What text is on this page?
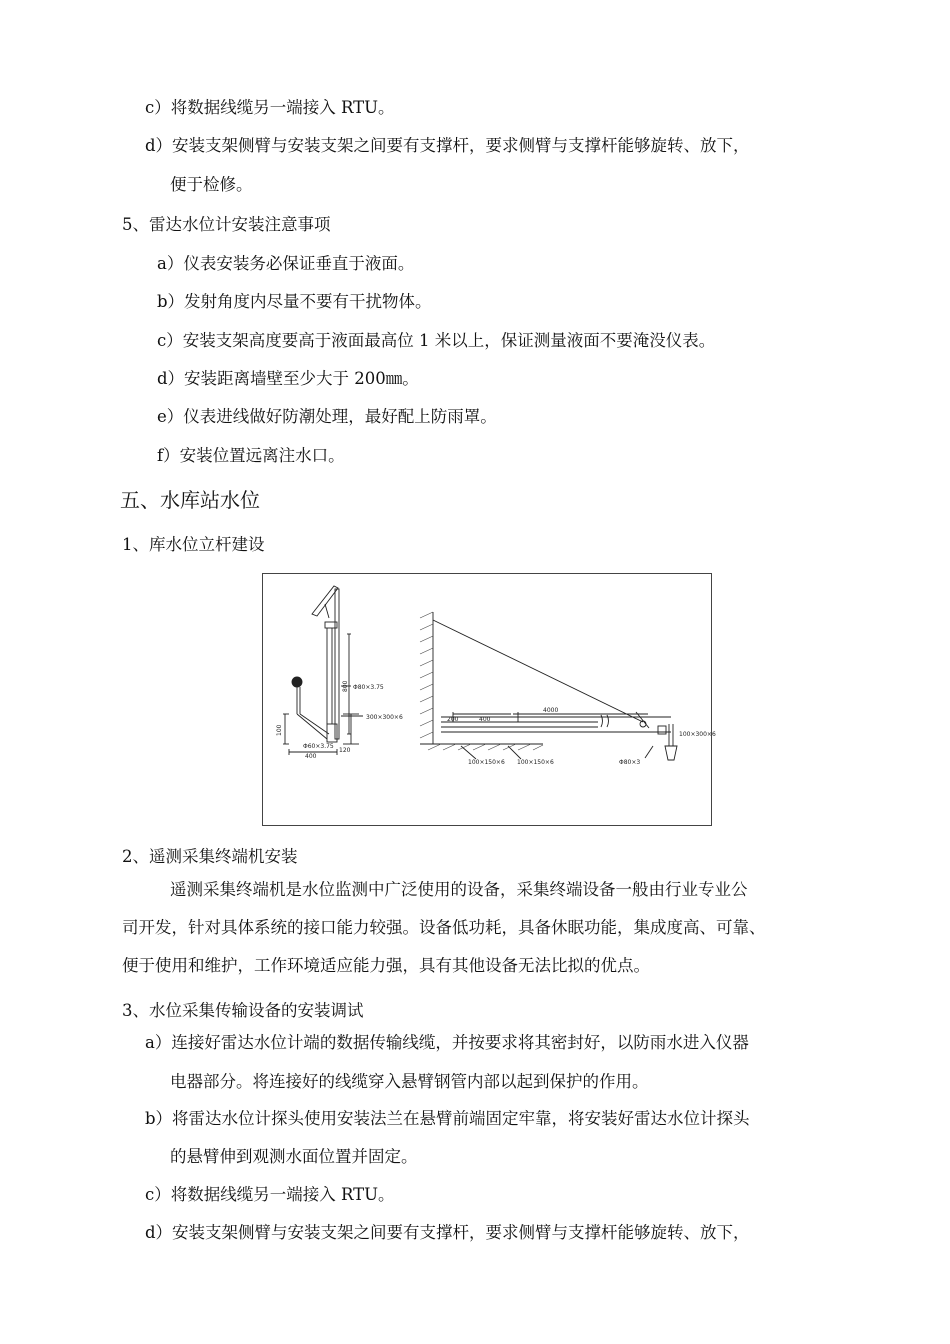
c）将数据线缆另一端接入 RTU。
d）安装支架侧臂与安装支架之间要有支撑杆，要求侧臂与支撑杆能够旋转、放下，
便于检修。
5、雷达水位计安装注意事项
a）仪表安装务必保证垂直于液面。
b）发射角度内尽量不要有干扰物体。
c）安装支架高度要高于液面最高位 1 米以上，保证测量液面不要淹没仪表。
d）安装距离墙壁至少大于 200㎜。
e）仪表进线做好防潮处理，最好配上防雨罩。
f）安装位置远离注水口。
五、水库站水位
1、库水位立杆建设
800 Φ80×3.75
300×300×6
100
Φ60×3.75
400
120
4000
200	400
100×150×6 100×150×6
100×300×6
Φ80×3
2、遥测采集终端机安装
遥测采集终端机是水位监测中广泛使用的设备，采集终端设备一般由行业专业公
司开发，针对具体系统的接口能力较强。设备低功耗，具备休眠功能，集成度高、可靠、
便于使用和维护，工作环境适应能力强，具有其他设备无法比拟的优点。
3、水位采集传输设备的安装调试
a）连接好雷达水位计端的数据传输线缆，并按要求将其密封好，以防雨水进入仪器
电器部分。将连接好的线缆穿入悬臂钢管内部以起到保护的作用。
b）将雷达水位计探头使用安装法兰在悬臂前端固定牢靠，将安装好雷达水位计探头
的悬臂伸到观测水面位置并固定。
c）将数据线缆另一端接入 RTU。
d）安装支架侧臂与安装支架之间要有支撑杆，要求侧臂与支撑杆能够旋转、放下，
